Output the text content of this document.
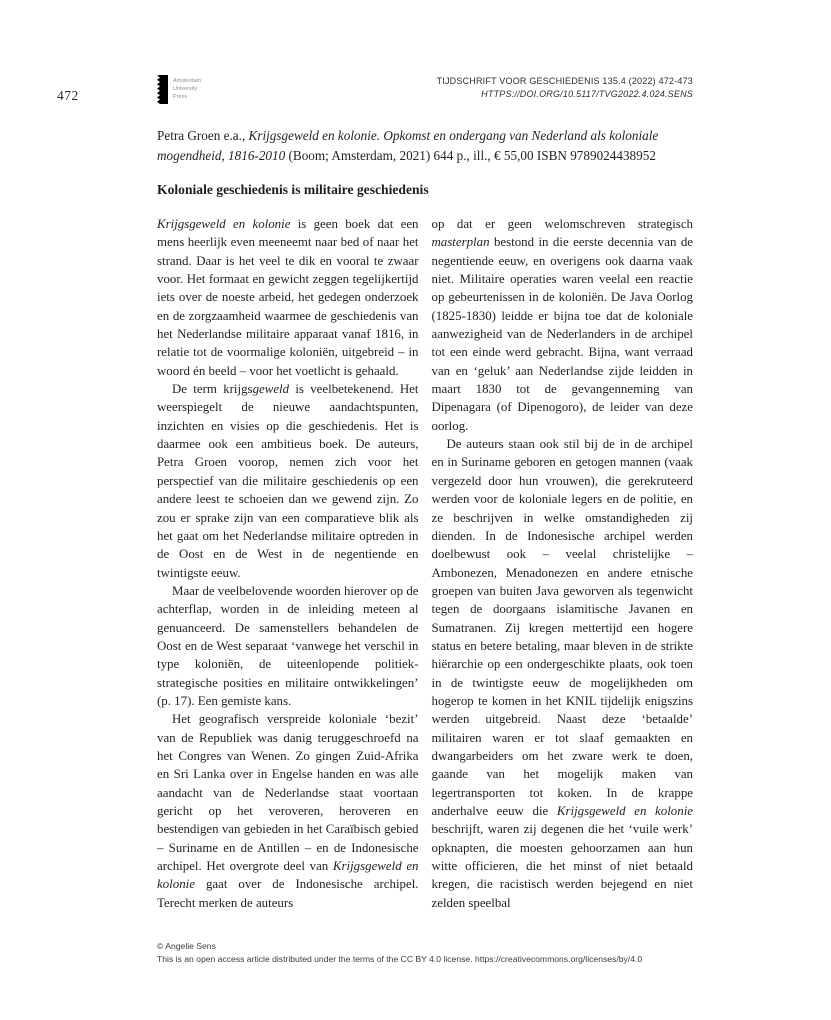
472
Amsterdam
University
Press
TIJDSCHRIFT VOOR GESCHIEDENIS 135.4 (2022) 472-473
HTTPS://DOI.ORG/10.5117/TVG2022.4.024.SENS

Petra Groen e.a., Krijgsgeweld en kolonie. Opkomst en ondergang van Nederland als koloniale mogendheid, 1816-2010 (Boom; Amsterdam, 2021) 644 p., ill., € 55,00 ISBN 9789024438952

Koloniale geschiedenis is militaire geschiedenis

Krijgsgeweld en kolonie is geen boek dat een mens heerlijk even meeneemt naar bed of naar het strand. Daar is het veel te dik en vooral te zwaar voor. Het formaat en gewicht zeggen tegelijkertijd iets over de noeste arbeid, het gedegen onderzoek en de zorgzaamheid waarmee de geschiedenis van het Nederlandse militaire apparaat vanaf 1816, in relatie tot de voormalige koloniën, uitgebreid – in woord én beeld – voor het voetlicht is gehaald.

De term krijgsgeweld is veelbetekenend. Het weerspiegelt de nieuwe aandachtspunten, inzichten en visies op die geschiedenis. Het is daarmee ook een ambitieus boek. De auteurs, Petra Groen voorop, nemen zich voor het perspectief van die militaire geschiedenis op een andere leest te schoeien dan we gewend zijn. Zo zou er sprake zijn van een comparatieve blik als het gaat om het Nederlandse militaire optreden in de Oost en de West in de negentiende en twintigste eeuw.

Maar de veelbelovende woorden hierover op de achterflap, worden in de inleiding meteen al genuanceerd. De samenstellers behandelen de Oost en de West separaat ‘vanwege het verschil in type koloniën, de uiteenlopende politiek-strategische posities en militaire ontwikkelingen’ (p. 17). Een gemiste kans.

Het geografisch verspreide koloniale ‘bezit’ van de Republiek was danig teruggeschroefd na het Congres van Wenen. Zo gingen Zuid-Afrika en Sri Lanka over in Engelse handen en was alle aandacht van de Nederlandse staat voortaan gericht op het veroveren, heroveren en bestendigen van gebieden in het Caraïbisch gebied – Suriname en de Antillen – en de Indonesische archipel. Het overgrote deel van Krijgsgeweld en kolonie gaat over de Indonesische archipel. Terecht merken de auteurs

op dat er geen welomschreven strategisch masterplan bestond in die eerste decennia van de negentiende eeuw, en overigens ook daarna vaak niet. Militaire operaties waren veelal een reactie op gebeurtenissen in de koloniën. De Java Oorlog (1825-1830) leidde er bijna toe dat de koloniale aanwezigheid van de Nederlanders in de archipel tot een einde werd gebracht. Bijna, want verraad van en ‘geluk’ aan Nederlandse zijde leidden in maart 1830 tot de gevangenneming van Dipenagara (of Dipenogoro), de leider van deze oorlog.

De auteurs staan ook stil bij de in de archipel en in Suriname geboren en getogen mannen (vaak vergezeld door hun vrouwen), die gerekruteerd werden voor de koloniale legers en de politie, en ze beschrijven in welke omstandigheden zij dienden. In de Indonesische archipel werden doelbewust ook – veelal christelijke – Ambonezen, Menadonezen en andere etnische groepen van buiten Java geworven als tegenwicht tegen de doorgaans islamitische Javanen en Sumatranen. Zij kregen mettertijd een hogere status en betere betaling, maar bleven in de strikte hiërarchie op een ondergeschikte plaats, ook toen in de twintigste eeuw de mogelijkheden om hogerop te komen in het KNIL tijdelijk enigszins werden uitgebreid. Naast deze ‘betaalde’ militairen waren er tot slaaf gemaakten en dwangarbeiders om het zware werk te doen, gaande van het mogelijk maken van legertransporten tot koken. In de krappe anderhalve eeuw die Krijgsgeweld en kolonie beschrijft, waren zij degenen die het ‘vuile werk’ opknapten, die moesten gehoorzamen aan hun witte officieren, die het minst of niet betaald kregen, die racistisch werden bejegend en niet zelden speelbal

© Angelie Sens
This is an open access article distributed under the terms of the CC BY 4.0 license. https://creativecommons.org/licenses/by/4.0
